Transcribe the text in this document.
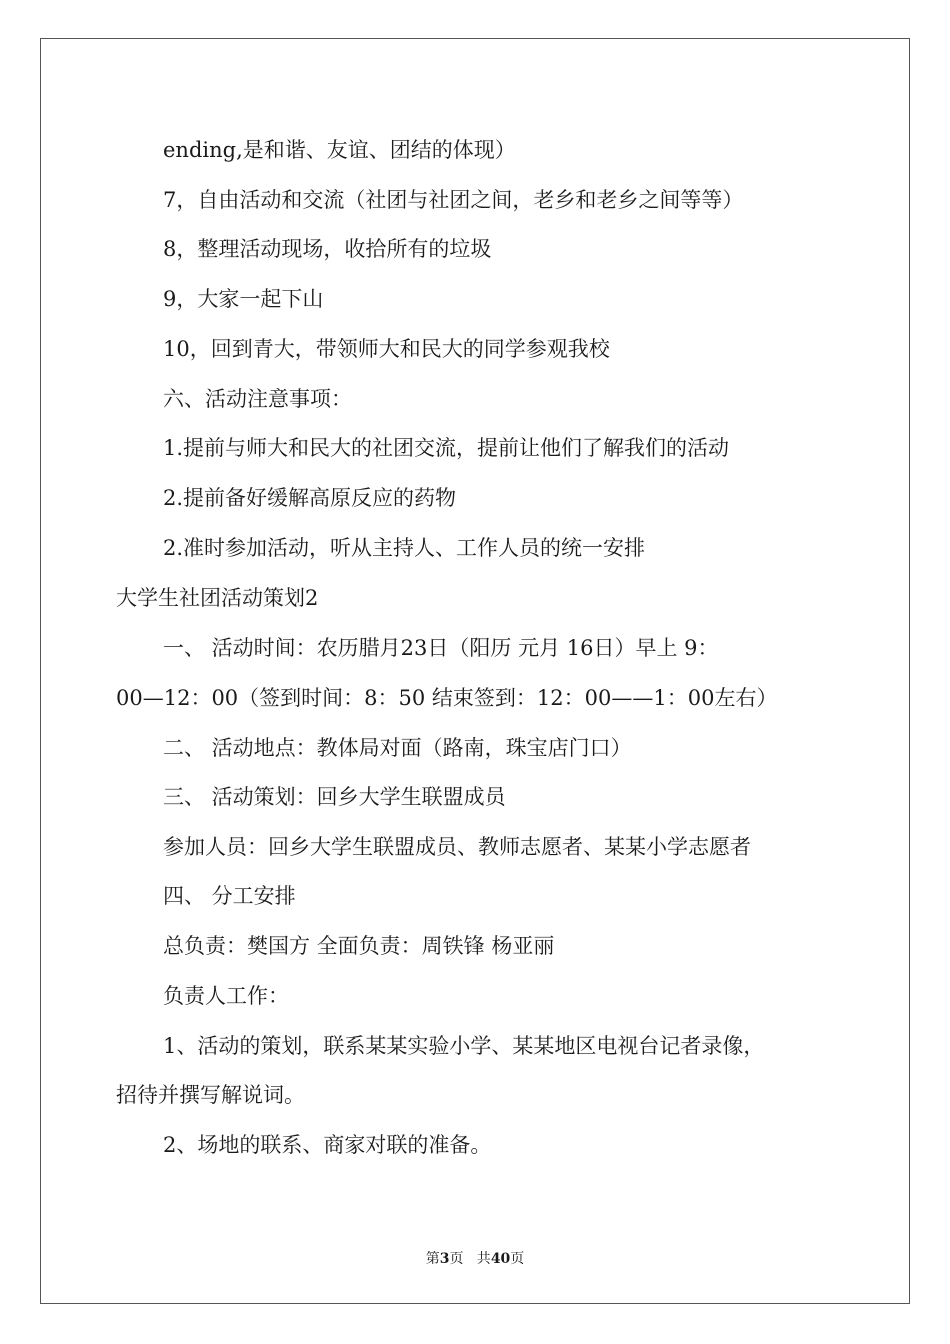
ending,是和谐、友谊、团结的体现）
7，自由活动和交流（社团与社团之间，老乡和老乡之间等等）
8，整理活动现场，收拾所有的垃圾
9，大家一起下山
10，回到青大，带领师大和民大的同学参观我校
六、活动注意事项：
1.提前与师大和民大的社团交流，提前让他们了解我们的活动
2.提前备好缓解高原反应的药物
2.准时参加活动，听从主持人、工作人员的统一安排
大学生社团活动策划2
一、 活动时间：农历腊月23日（阳历 元月 16日）早上 9：
00—12：00（签到时间：8：50 结束签到：12：00——1：00左右）
二、 活动地点：教体局对面（路南，珠宝店门口）
三、 活动策划：回乡大学生联盟成员
参加人员：回乡大学生联盟成员、教师志愿者、某某小学志愿者
四、 分工安排
总负责：樊国方 全面负责：周铁锋 杨亚丽
负责人工作：
1、活动的策划，联系某某实验小学、某某地区电视台记者录像，
招待并撰写解说词。
2、场地的联系、商家对联的准备。
第3页   共40页
